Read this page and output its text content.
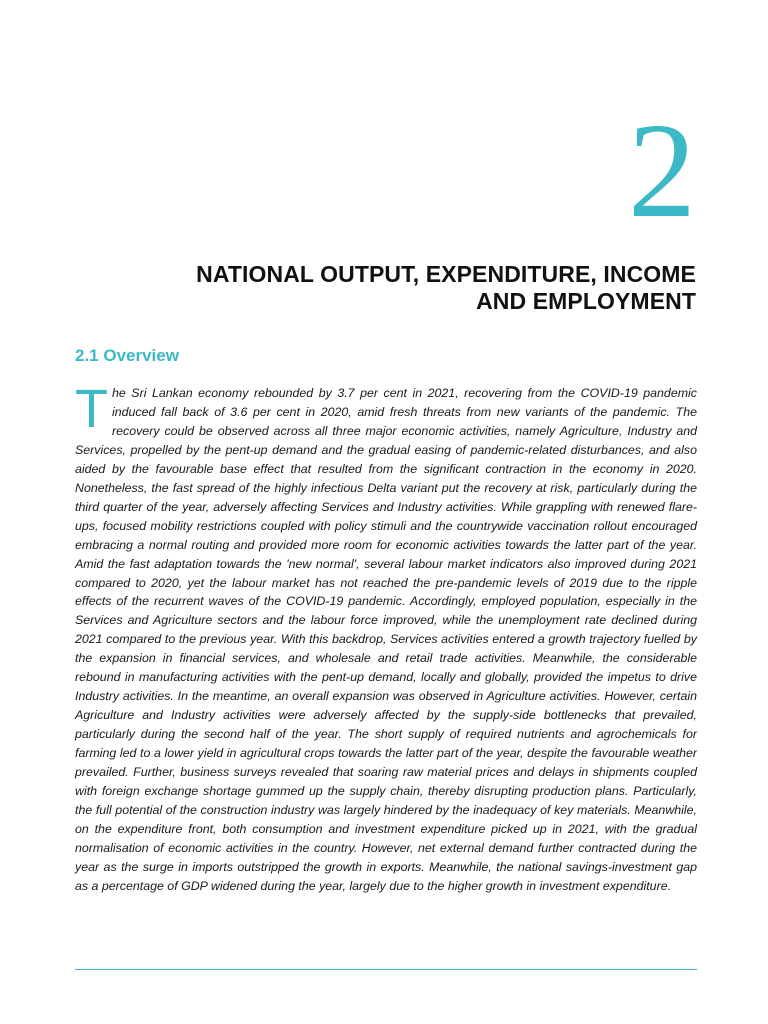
2
NATIONAL OUTPUT, EXPENDITURE, INCOME
AND EMPLOYMENT
2.1 Overview

The Sri Lankan economy rebounded by 3.7 per cent in 2021, recovering from the COVID-19 pandemic induced fall back of 3.6 per cent in 2020, amid fresh threats from new variants of the pandemic. The recovery could be observed across all three major economic activities, namely Agriculture, Industry and Services, propelled by the pent-up demand and the gradual easing of pandemic-related disturbances, and also aided by the favourable base effect that resulted from the significant contraction in the economy in 2020. Nonetheless, the fast spread of the highly infectious Delta variant put the recovery at risk, particularly during the third quarter of the year, adversely affecting Services and Industry activities. While grappling with renewed flare-ups, focused mobility restrictions coupled with policy stimuli and the countrywide vaccination rollout encouraged embracing a normal routing and provided more room for economic activities towards the latter part of the year. Amid the fast adaptation towards the 'new normal', several labour market indicators also improved during 2021 compared to 2020, yet the labour market has not reached the pre-pandemic levels of 2019 due to the ripple effects of the recurrent waves of the COVID-19 pandemic. Accordingly, employed population, especially in the Services and Agriculture sectors and the labour force improved, while the unemployment rate declined during 2021 compared to the previous year. With this backdrop, Services activities entered a growth trajectory fuelled by the expansion in financial services, and wholesale and retail trade activities. Meanwhile, the considerable rebound in manufacturing activities with the pent-up demand, locally and globally, provided the impetus to drive Industry activities. In the meantime, an overall expansion was observed in Agriculture activities. However, certain Agriculture and Industry activities were adversely affected by the supply-side bottlenecks that prevailed, particularly during the second half of the year. The short supply of required nutrients and agrochemicals for farming led to a lower yield in agricultural crops towards the latter part of the year, despite the favourable weather prevailed. Further, business surveys revealed that soaring raw material prices and delays in shipments coupled with foreign exchange shortage gummed up the supply chain, thereby disrupting production plans. Particularly, the full potential of the construction industry was largely hindered by the inadequacy of key materials. Meanwhile, on the expenditure front, both consumption and investment expenditure picked up in 2021, with the gradual normalisation of economic activities in the country. However, net external demand further contracted during the year as the surge in imports outstripped the growth in exports. Meanwhile, the national savings-investment gap as a percentage of GDP widened during the year, largely due to the higher growth in investment expenditure.
